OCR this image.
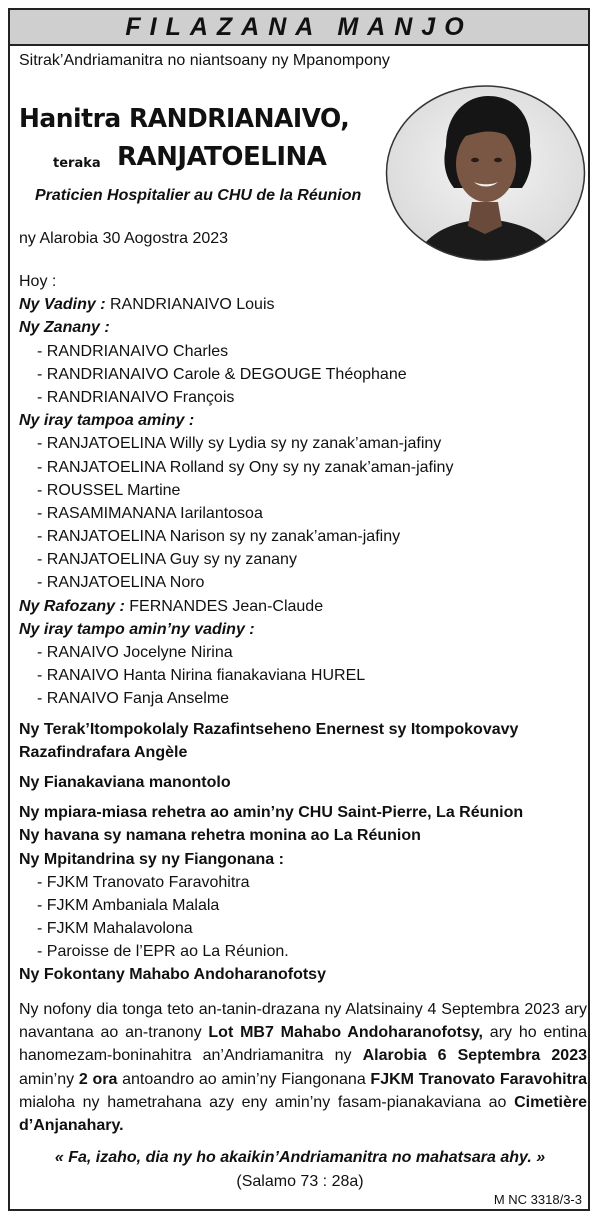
FILAZANA MANJO
Sitrak’Andriamanitra no niantsoany ny Mpanompony
Hanitra RANDRIANAIVO,
teraka RANJATOELINA
Praticien Hospitalier au CHU de la Réunion
ny Alarobia 30 Aogostra 2023
Hoy :
Ny Vadiny : RANDRIANAIVO Louis
Ny Zanany :
- RANDRIANAIVO Charles
- RANDRIANAIVO Carole & DEGOUGE Théophane
- RANDRIANAIVO François
Ny iray tampoa aminy :
- RANJATOELINA Willy sy Lydia sy ny zanak’aman-jafiny
- RANJATOELINA Rolland sy Ony sy ny zanak’aman-jafiny
- ROUSSEL Martine
- RASAMIMANANA Iarilantosoa
- RANJATOELINA Narison sy ny zanak’aman-jafiny
- RANJATOELINA Guy sy ny zanany
- RANJATOELINA Noro
Ny Rafozany : FERNANDES Jean-Claude
Ny iray tampo amin’ny vadiny :
- RANAIVO Jocelyne Nirina
- RANAIVO Hanta Nirina fianakaviana HUREL
- RANAIVO Fanja Anselme
Ny Terak’Itompokolaly Razafintseheno Enernest sy Itompokovavy
Razafindrafara Angèle
Ny Fianakaviana manontolo
Ny mpiara-miasa rehetra ao amin’ny CHU Saint-Pierre, La Réunion
Ny havana sy namana rehetra monina ao La Réunion
Ny Mpitandrina sy ny Fiangonana :
- FJKM Tranovato Faravohitra
- FJKM Ambaniala Malala
- FJKM Mahalavolona
- Paroisse de l’EPR ao La Réunion.
Ny Fokontany Mahabo Andoharanofotsy
Ny nofony dia tonga teto an-tanin-drazana ny Alatsinainy 4 Septembra 2023 ary navantana ao an-tranony Lot MB7 Mahabo Andoharanofotsy, ary ho entina hanomezam-boninahitra an’Andriamanitra ny Alarobia 6 Septembra 2023 amin’ny 2 ora antoandro ao amin’ny Fiangonana FJKM Tranovato Faravohitra mialoha ny hametrahana azy eny amin’ny fasam-pianakaviana ao Cimetière d’Anjanahary.
« Fa, izaho, dia ny ho akaikin’Andriamanitra no mahatsara ahy. »
(Salamo 73 : 28a)
M NC 3318/3-3
